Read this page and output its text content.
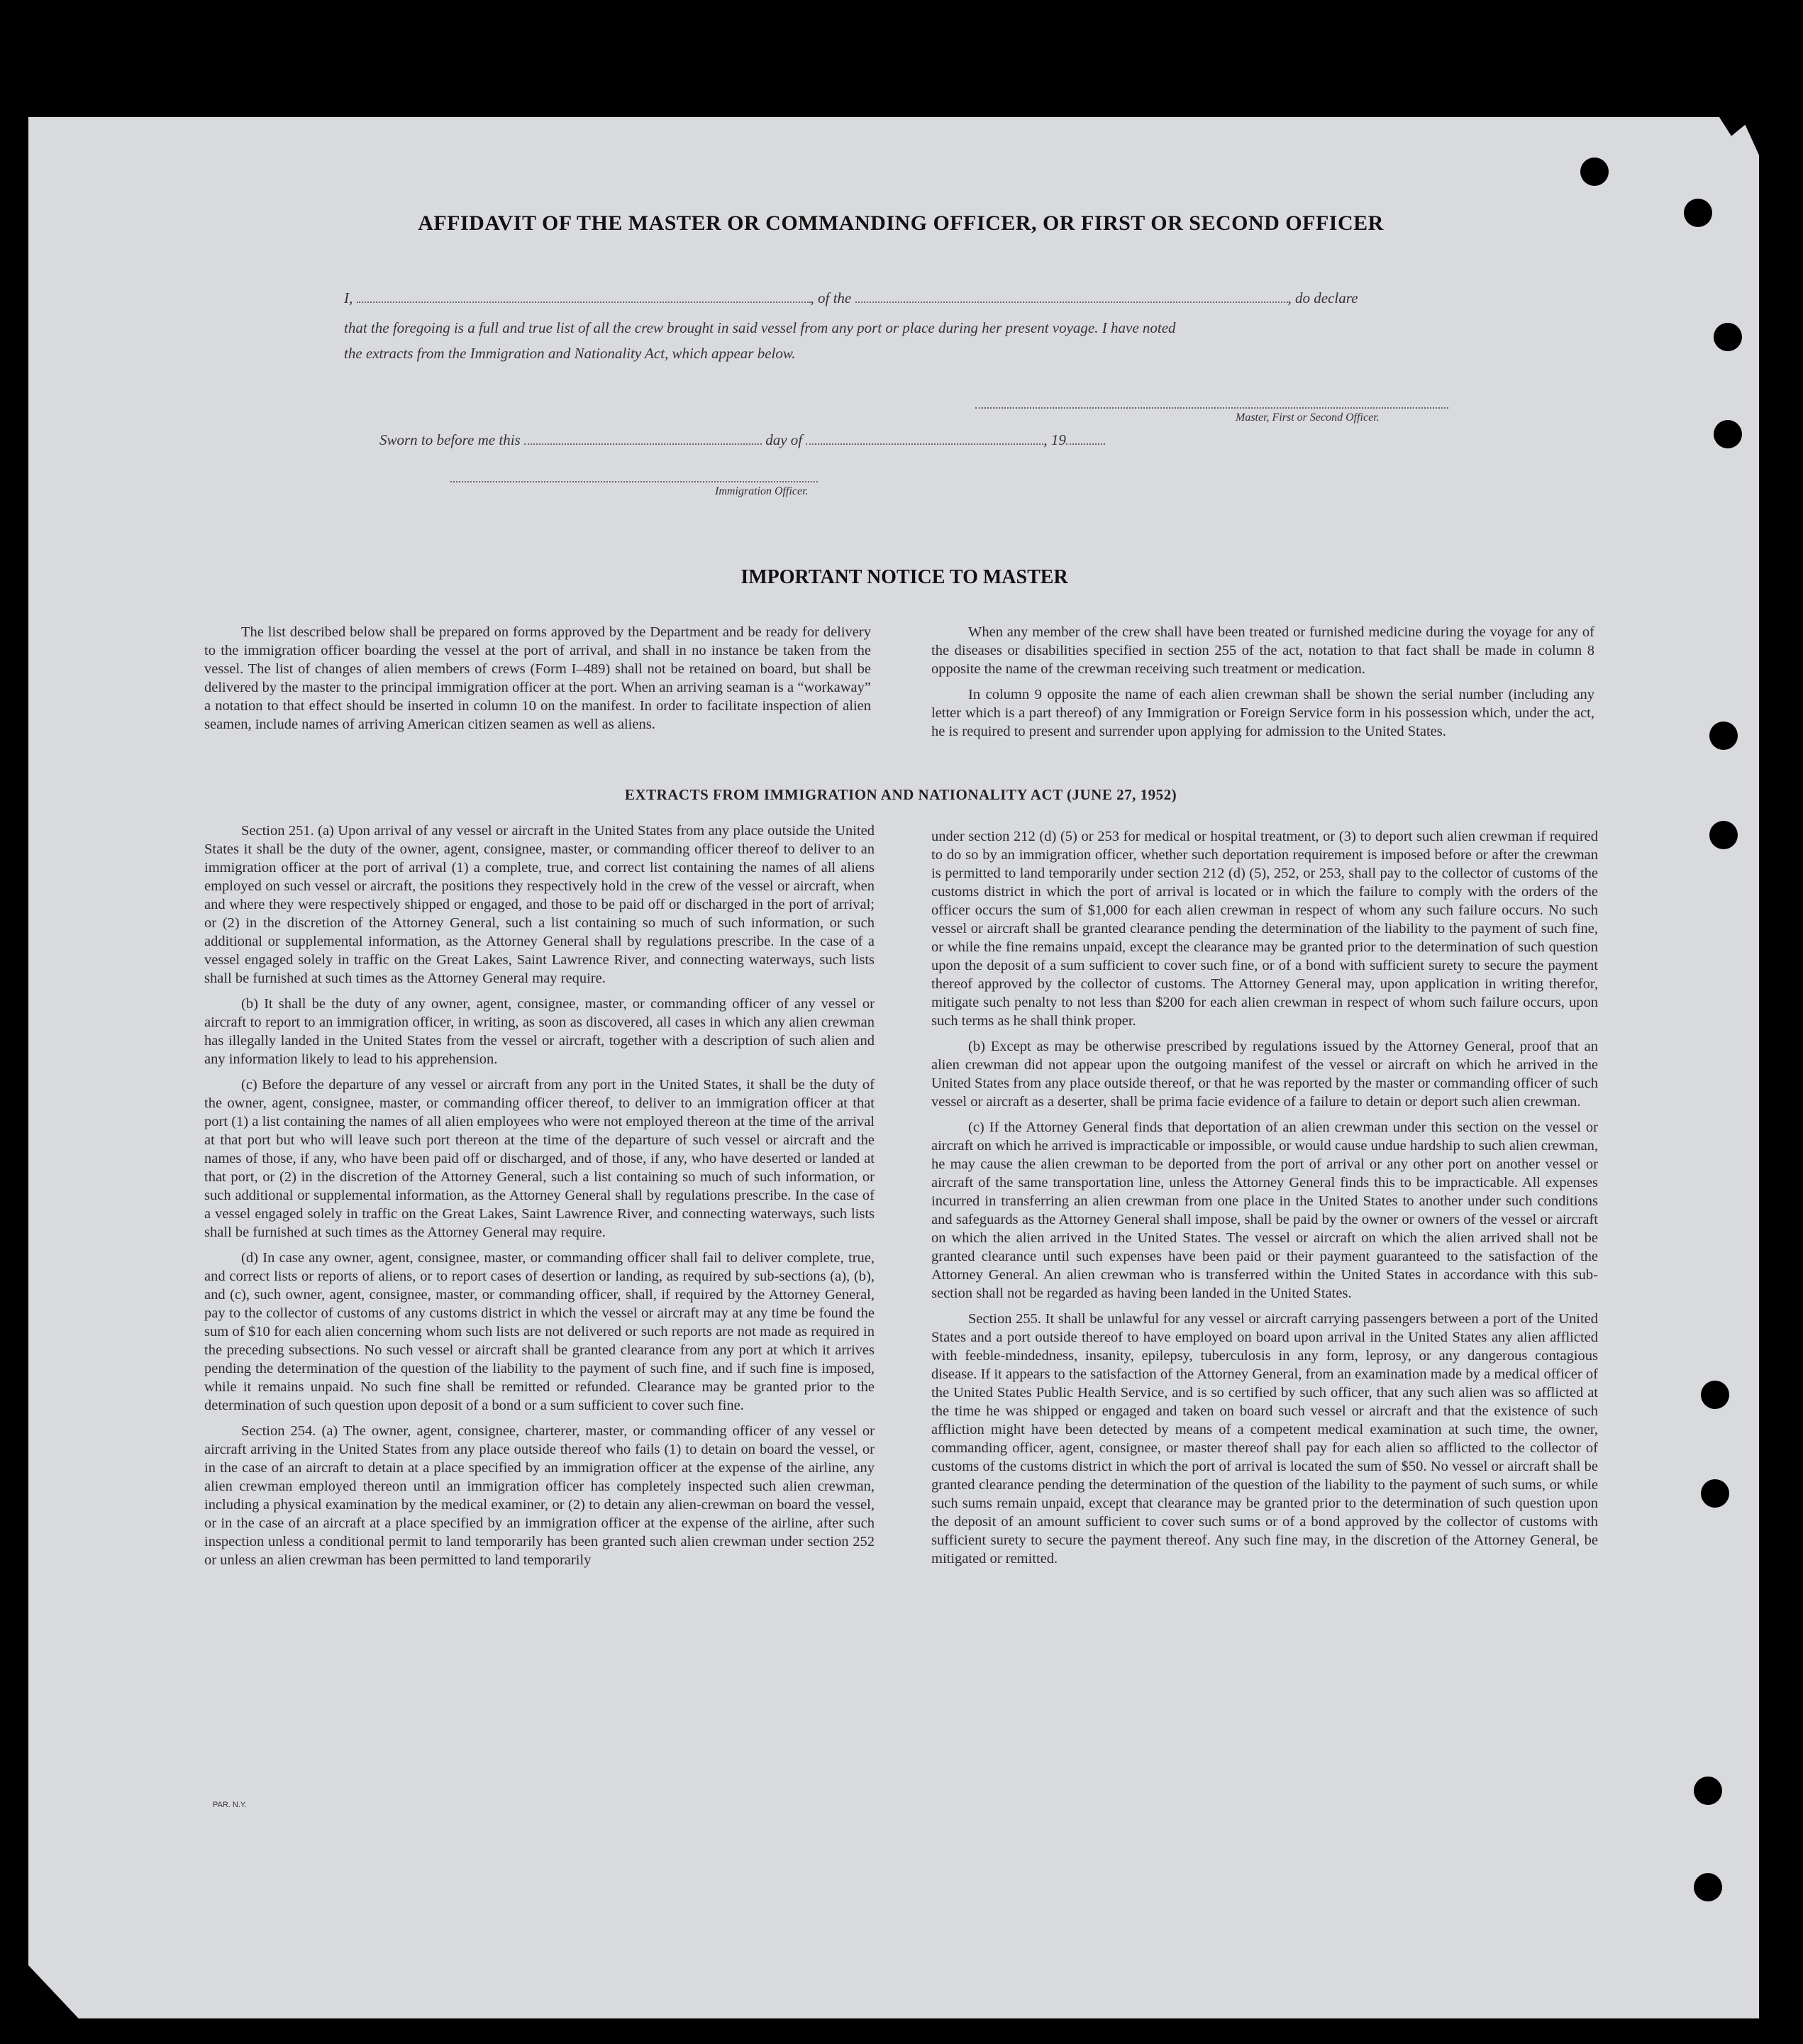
AFFIDAVIT OF THE MASTER OR COMMANDING OFFICER, OR FIRST OR SECOND OFFICER
I,	, of the	, do declare
that the foregoing is a full and true list of all the crew brought in said vessel from any port or place during her present voyage. I have noted
the extracts from the Immigration and Nationality Act, which appear below.
Master, First or Second Officer.
Sworn to before me this	day of	, 19
Immigration Officer.
IMPORTANT NOTICE TO MASTER

The list described below shall be prepared on forms approved by the Department and be ready for delivery to the immigration officer boarding the vessel at the port of arrival, and shall in no instance be taken from the vessel. The list of changes of alien members of crews (Form I–489) shall not be retained on board, but shall be delivered by the master to the principal immigration officer at the port. When an arriving seaman is a “workaway” a notation to that effect should be inserted in column 10 on the manifest. In order to facilitate inspection of alien seamen, include names of arriving American citizen seamen as well as aliens.

When any member of the crew shall have been treated or furnished medicine during the voyage for any of the diseases or disabilities specified in section 255 of the act, notation to that fact shall be made in column 8 opposite the name of the crewman receiving such treatment or medication.

In column 9 opposite the name of each alien crewman shall be shown the serial number (including any letter which is a part thereof) of any Immigration or Foreign Service form in his possession which, under the act, he is required to present and surrender upon applying for admission to the United States.

EXTRACTS FROM IMMIGRATION AND NATIONALITY ACT (JUNE 27, 1952)

Section 251. (a) Upon arrival of any vessel or aircraft in the United States from any place outside the United States it shall be the duty of the owner, agent, consignee, master, or commanding officer thereof to deliver to an immigration officer at the port of arrival (1) a complete, true, and correct list containing the names of all aliens employed on such vessel or aircraft, the positions they respectively hold in the crew of the vessel or aircraft, when and where they were respectively shipped or engaged, and those to be paid off or discharged in the port of arrival; or (2) in the discretion of the Attorney General, such a list containing so much of such information, or such additional or supplemental information, as the Attorney General shall by regulations prescribe. In the case of a vessel engaged solely in traffic on the Great Lakes, Saint Lawrence River, and connecting waterways, such lists shall be furnished at such times as the Attorney General may require.

(b) It shall be the duty of any owner, agent, consignee, master, or commanding officer of any vessel or aircraft to report to an immigration officer, in writing, as soon as discovered, all cases in which any alien crewman has illegally landed in the United States from the vessel or aircraft, together with a description of such alien and any information likely to lead to his apprehension.

(c) Before the departure of any vessel or aircraft from any port in the United States, it shall be the duty of the owner, agent, consignee, master, or commanding officer thereof, to deliver to an immigration officer at that port (1) a list containing the names of all alien employees who were not employed thereon at the time of the arrival at that port but who will leave such port thereon at the time of the departure of such vessel or aircraft and the names of those, if any, who have been paid off or discharged, and of those, if any, who have deserted or landed at that port, or (2) in the discretion of the Attorney General, such a list containing so much of such information, or such additional or supplemental information, as the Attorney General shall by regulations prescribe. In the case of a vessel engaged solely in traffic on the Great Lakes, Saint Lawrence River, and connecting waterways, such lists shall be furnished at such times as the Attorney General may require.

(d) In case any owner, agent, consignee, master, or commanding officer shall fail to deliver complete, true, and correct lists or reports of aliens, or to report cases of desertion or landing, as required by sub-sections (a), (b), and (c), such owner, agent, consignee, master, or commanding officer, shall, if required by the Attorney General, pay to the collector of customs of any customs district in which the vessel or aircraft may at any time be found the sum of $10 for each alien concerning whom such lists are not delivered or such reports are not made as required in the preceding subsections. No such vessel or aircraft shall be granted clearance from any port at which it arrives pending the determination of the question of the liability to the payment of such fine, and if such fine is imposed, while it remains unpaid. No such fine shall be remitted or refunded. Clearance may be granted prior to the determination of such question upon deposit of a bond or a sum sufficient to cover such fine.

Section 254. (a) The owner, agent, consignee, charterer, master, or commanding officer of any vessel or aircraft arriving in the United States from any place outside thereof who fails (1) to detain on board the vessel, or in the case of an aircraft to detain at a place specified by an immigration officer at the expense of the airline, any alien crewman employed thereon until an immigration officer has completely inspected such alien crewman, including a physical examination by the medical examiner, or (2) to detain any alien-crewman on board the vessel, or in the case of an aircraft at a place specified by an immigration officer at the expense of the airline, after such inspection unless a conditional permit to land temporarily has been granted such alien crewman under section 252 or unless an alien crewman has been permitted to land temporarily

under section 212 (d) (5) or 253 for medical or hospital treatment, or (3) to deport such alien crewman if required to do so by an immigration officer, whether such deportation requirement is imposed before or after the crewman is permitted to land temporarily under section 212 (d) (5), 252, or 253, shall pay to the collector of customs of the customs district in which the port of arrival is located or in which the failure to comply with the orders of the officer occurs the sum of $1,000 for each alien crewman in respect of whom any such failure occurs. No such vessel or aircraft shall be granted clearance pending the determination of the liability to the payment of such fine, or while the fine remains unpaid, except the clearance may be granted prior to the determination of such question upon the deposit of a sum sufficient to cover such fine, or of a bond with sufficient surety to secure the payment thereof approved by the collector of customs. The Attorney General may, upon application in writing therefor, mitigate such penalty to not less than $200 for each alien crewman in respect of whom such failure occurs, upon such terms as he shall think proper.

(b) Except as may be otherwise prescribed by regulations issued by the Attorney General, proof that an alien crewman did not appear upon the outgoing manifest of the vessel or aircraft on which he arrived in the United States from any place outside thereof, or that he was reported by the master or commanding officer of such vessel or aircraft as a deserter, shall be prima facie evidence of a failure to detain or deport such alien crewman.

(c) If the Attorney General finds that deportation of an alien crewman under this section on the vessel or aircraft on which he arrived is impracticable or impossible, or would cause undue hardship to such alien crewman, he may cause the alien crewman to be deported from the port of arrival or any other port on another vessel or aircraft of the same transportation line, unless the Attorney General finds this to be impracticable. All expenses incurred in transferring an alien crewman from one place in the United States to another under such conditions and safeguards as the Attorney General shall impose, shall be paid by the owner or owners of the vessel or aircraft on which the alien arrived in the United States. The vessel or aircraft on which the alien arrived shall not be granted clearance until such expenses have been paid or their payment guaranteed to the satisfaction of the Attorney General. An alien crewman who is transferred within the United States in accordance with this sub-section shall not be regarded as having been landed in the United States.

Section 255. It shall be unlawful for any vessel or aircraft carrying passengers between a port of the United States and a port outside thereof to have employed on board upon arrival in the United States any alien afflicted with feeble-mindedness, insanity, epilepsy, tuberculosis in any form, leprosy, or any dangerous contagious disease. If it appears to the satisfaction of the Attorney General, from an examination made by a medical officer of the United States Public Health Service, and is so certified by such officer, that any such alien was so afflicted at the time he was shipped or engaged and taken on board such vessel or aircraft and that the existence of such affliction might have been detected by means of a competent medical examination at such time, the owner, commanding officer, agent, consignee, or master thereof shall pay for each alien so afflicted to the collector of customs of the customs district in which the port of arrival is located the sum of $50. No vessel or aircraft shall be granted clearance pending the determination of the question of the liability to the payment of such sums, or while such sums remain unpaid, except that clearance may be granted prior to the determination of such question upon the deposit of an amount sufficient to cover such sums or of a bond approved by the collector of customs with sufficient surety to secure the payment thereof. Any such fine may, in the discretion of the Attorney General, be mitigated or remitted.

PAR. N.Y.
